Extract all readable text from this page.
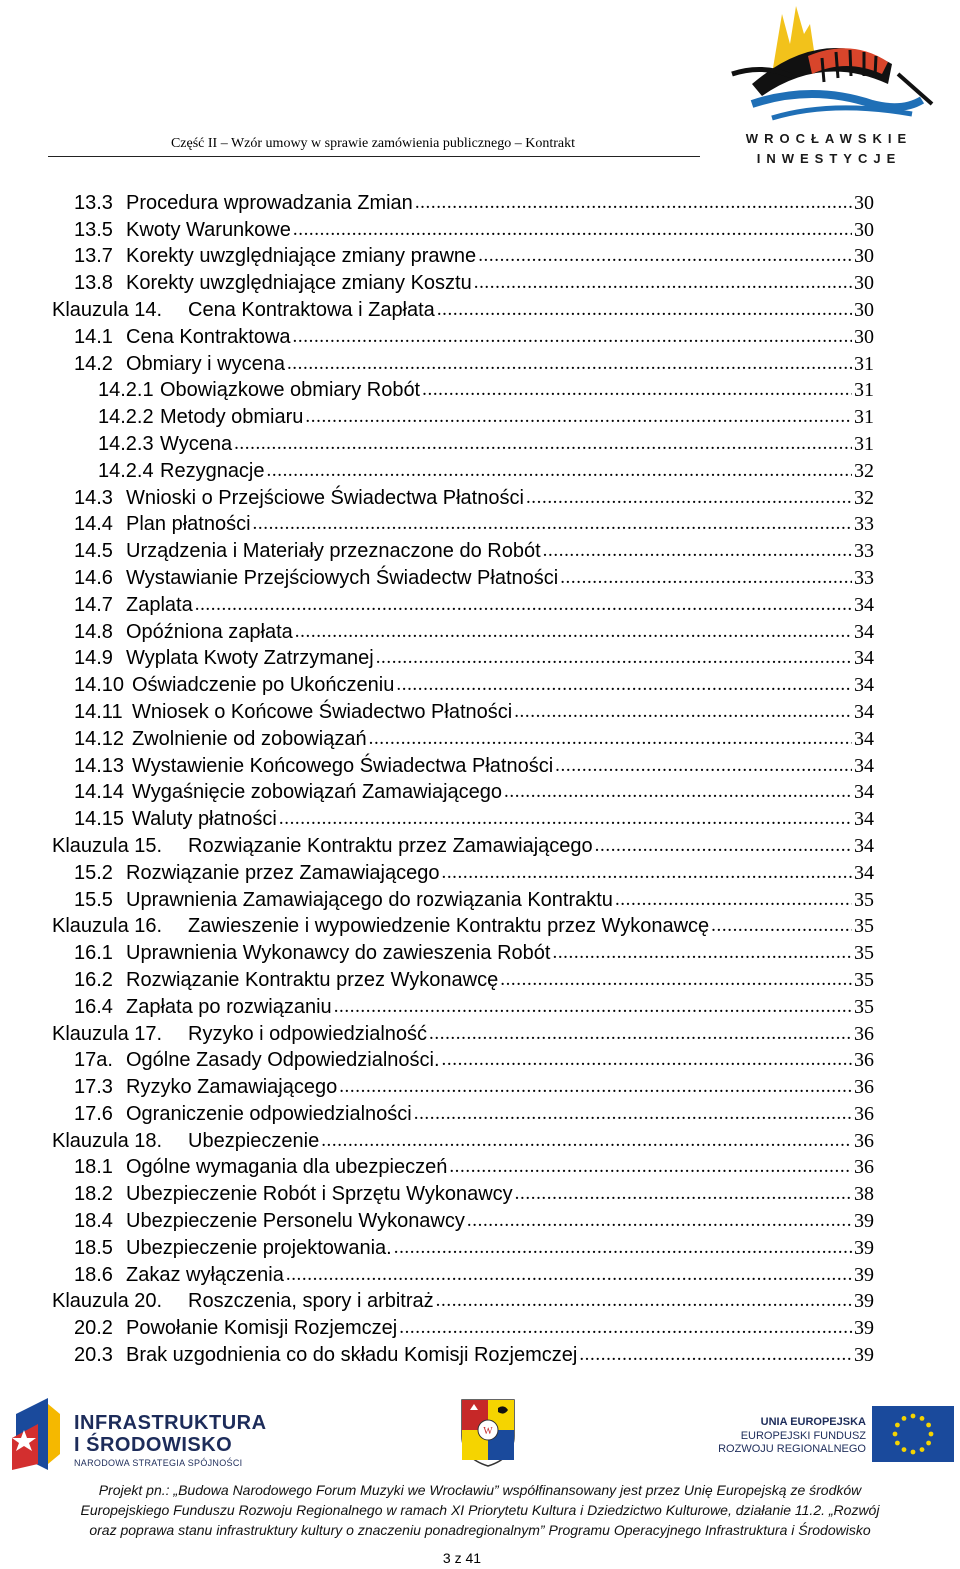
Część II – Wzór umowy w sprawie zamówienia publicznego – Kontrakt	WROCŁAWSKIE
INWESTYCJE
13.3 Procedura wprowadzania Zmian .....	30
13.5 Kwoty Warunkowe .....	30
13.7 Korekty uwzględniające zmiany prawne .....	30
13.8 Korekty uwzględniające zmiany Kosztu .....	30
Klauzula 14.	Cena Kontraktowa i Zapłata .....	30
14.1 Cena Kontraktowa .....	30
14.2 Obmiary i wycena .....	31
14.2.1 Obowiązkowe obmiary Robót .....	31
14.2.2 Metody obmiaru .....	31
14.2.3 Wycena .....	31
14.2.4 Rezygnacje .....	32
14.3 Wnioski o Przejściowe Świadectwa Płatności .....	32
14.4 Plan płatności .....	33
14.5 Urządzenia i Materiały przeznaczone do Robót .....	33
14.6 Wystawianie Przejściowych Świadectw Płatności .....	33
14.7 Zaplata .....	34
14.8 Opóźniona zapłata .....	34
14.9 Wyplata Kwoty Zatrzymanej .....	34
14.10 Oświadczenie po Ukończeniu .....	34
14.11 Wniosek o Końcowe Świadectwo Płatności .....	34
14.12 Zwolnienie od zobowiązań .....	34
14.13 Wystawienie Końcowego Świadectwa Płatności .....	34
14.14 Wygaśnięcie zobowiązań Zamawiającego .....	34
14.15 Waluty płatności .....	34
Klauzula 15.	Rozwiązanie Kontraktu przez Zamawiającego .....	34
15.2 Rozwiązanie przez Zamawiającego .....	34
15.5 Uprawnienia Zamawiającego do rozwiązania Kontraktu .....	35
Klauzula 16.	Zawieszenie i wypowiedzenie Kontraktu przez Wykonawcę .....	35
16.1 Uprawnienia Wykonawcy do zawieszenia Robót .....	35
16.2 Rozwiązanie Kontraktu przez Wykonawcę .....	35
16.4 Zapłata po rozwiązaniu .....	35
Klauzula 17.	Ryzyko i odpowiedzialność .....	36
17a. Ogólne Zasady Odpowiedzialności. .....	36
17.3 Ryzyko Zamawiającego .....	36
17.6 Ograniczenie odpowiedzialności .....	36
Klauzula 18.	Ubezpieczenie .....	36
18.1 Ogólne wymagania dla ubezpieczeń .....	36
18.2 Ubezpieczenie Robót i Sprzętu Wykonawcy .....	38
18.4 Ubezpieczenie Personelu Wykonawcy .....	39
18.5 Ubezpieczenie projektowania. .....	39
18.6 Zakaz wyłączenia .....	39
Klauzula 20.	Roszczenia, spory i arbitraż .....	39
20.2 Powołanie Komisji Rozjemczej .....	39
20.3 Brak uzgodnienia co do składu Komisji Rozjemczej .....	39
INFRASTRUKTURA
I ŚRODOWISKO
NARODOWA STRATEGIA SPÓJNOŚCI
W
UNIA EUROPEJSKA
EUROPEJSKI FUNDUSZ
ROZWOJU REGIONALNEGO
Projekt pn.: „Budowa Narodowego Forum Muzyki we Wrocławiu” współfinansowany jest przez Unię Europejską ze środków
Europejskiego Funduszu Rozwoju Regionalnego w ramach XI Priorytetu Kultura i Dziedzictwo Kulturowe, działanie 11.2. „Rozwój
oraz poprawa stanu infrastruktury kultury o znaczeniu ponadregionalnym” Programu Operacyjnego Infrastruktura i Środowisko
3 z 41
